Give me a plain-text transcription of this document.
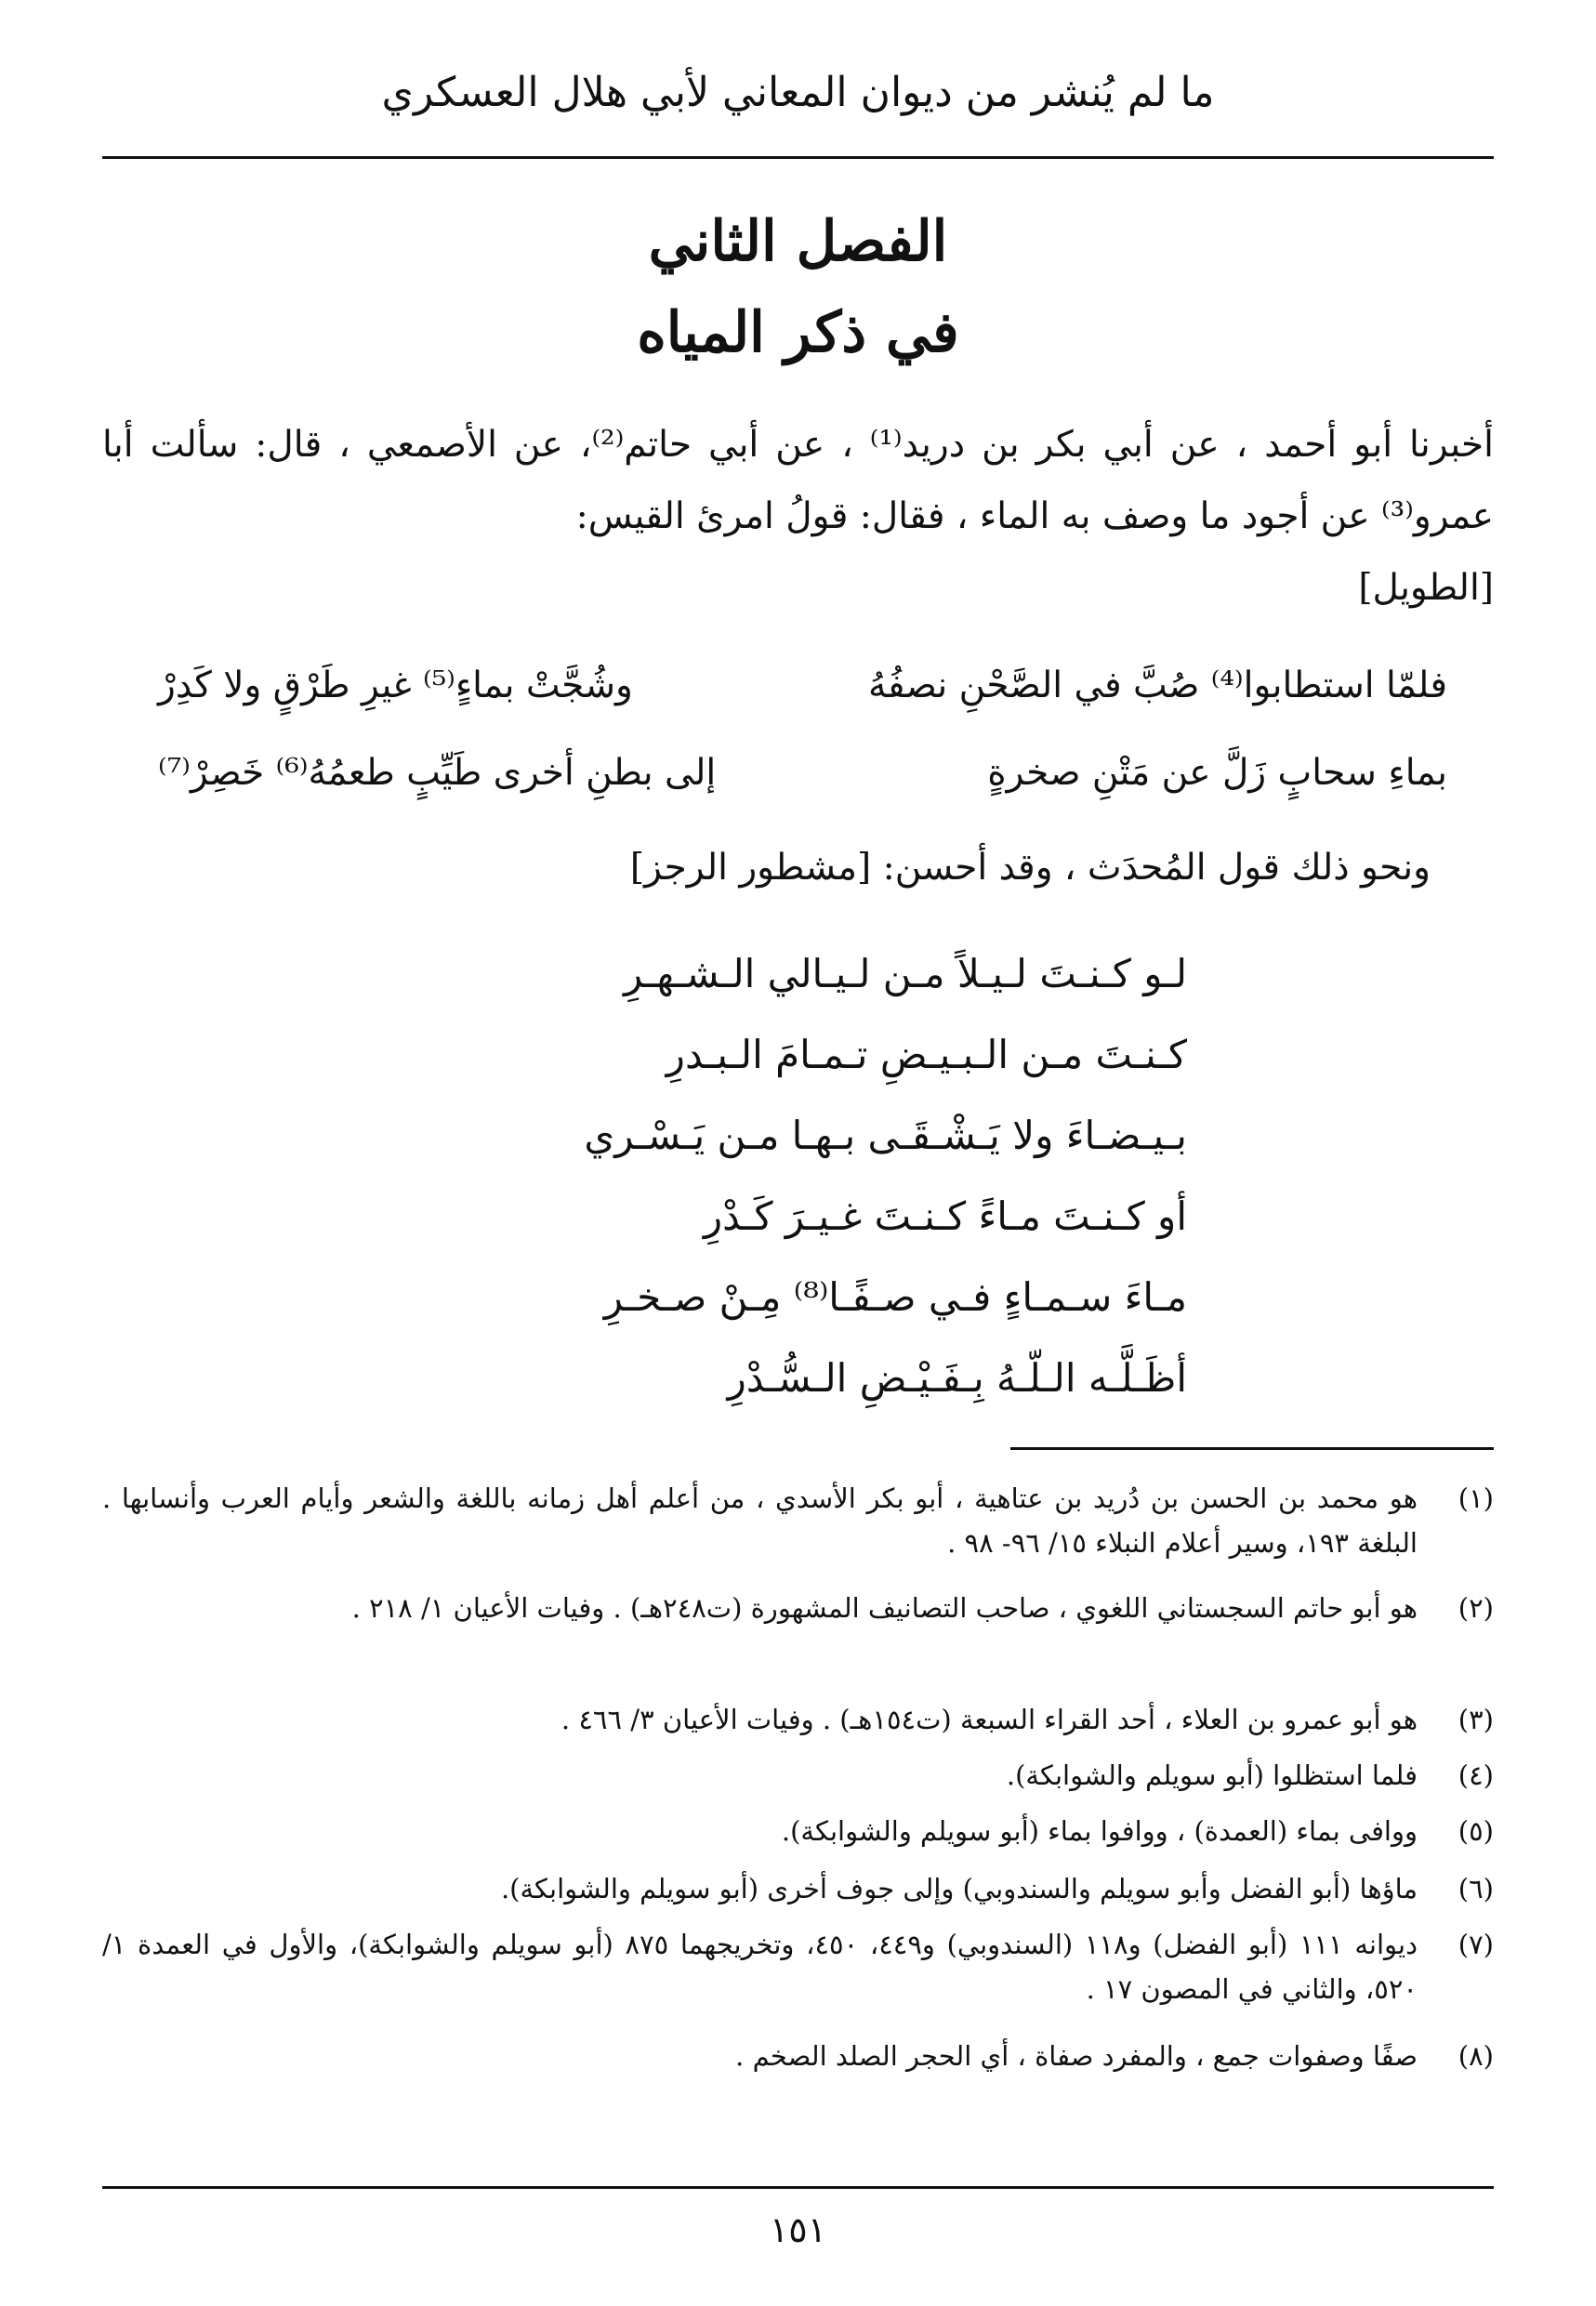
ما لم يُنشر من ديوان المعاني لأبي هلال العسكري
الفصل الثاني
في ذكر المياه
أخبرنا أبو أحمد ، عن أبي بكر بن دريد⁽¹⁾ ، عن أبي حاتم⁽²⁾، عن الأصمعي ، قال: سألت أبا عمرو⁽³⁾ عن أجود ما وصف به الماء ، فقال: قولُ امرئ القيس:
[الطويل]
فلمّا استطابوا⁽⁴⁾ صُبَّ في الصَّحْنِ نصفُهُ
وشُجَّتْ بماءٍ⁽⁵⁾ غيرِ طَرْقٍ ولا كَدِرْ
بماءِ سحابٍ زَلَّ عن مَتْنِ صخرةٍ
إلى بطنِ أخرى طَيِّبٍ طعمُهُ⁽⁶⁾ خَصِرْ⁽⁷⁾
ونحو ذلك قول المُحدَث ، وقد أحسن: [مشطور الرجز]
لـو كـنـتَ لـيـلاً مـن لـيـالي الـشـهـرِ
كـنـتَ مـن الـبـيـضِ تـمـامَ الـبـدرِ
بـيـضـاءَ ولا يَـشْـقَـى بـهـا مـن يَـسْـري
أو كـنـتَ مـاءً كـنـتَ غـيـرَ كَـدْرِ
مـاءَ سـمـاءٍ فـي صـفًـا⁽⁸⁾ مِـنْ صـخـرِ
أظَـلَّـه الـلّـهُ بِـفَـيْـضِ الـسُّـدْرِ
(١)
هو محمد بن الحسن بن دُريد بن عتاهية ، أبو بكر الأسدي ، من أعلم أهل زمانه باللغة والشعر وأيام العرب وأنسابها . البلغة ١٩٣، وسير أعلام النبلاء ١٥/ ٩٦- ٩٨ .
(٢)
هو أبو حاتم السجستاني اللغوي ، صاحب التصانيف المشهورة (ت٢٤٨هـ) . وفيات الأعيان ١/ ٢١٨ .
(٣)
هو أبو عمرو بن العلاء ، أحد القراء السبعة (ت١٥٤هـ) . وفيات الأعيان ٣/ ٤٦٦ .
(٤)
فلما استظلوا (أبو سويلم والشوابكة).
(٥)
ووافى بماء (العمدة) ، ووافوا بماء (أبو سويلم والشوابكة).
(٦)
ماؤها (أبو الفضل وأبو سويلم والسندوبي) وإلى جوف أخرى (أبو سويلم والشوابكة).
(٧)
ديوانه ١١١ (أبو الفضل) و١١٨ (السندوبي) و٤٤٩، ٤٥٠، وتخريجهما ٨٧٥ (أبو سويلم والشوابكة)، والأول في العمدة ١/ ٥٢٠، والثاني في المصون ١٧ .
(٨)
صفًا وصفوات جمع ، والمفرد صفاة ، أي الحجر الصلد الصخم .
١٥١
